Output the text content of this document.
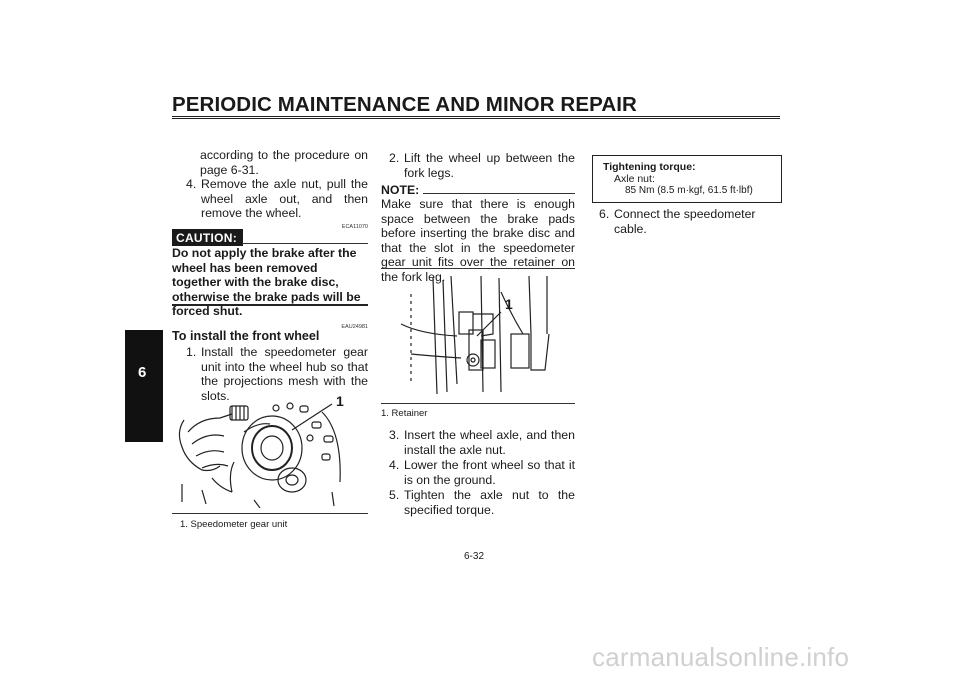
PERIODIC MAINTENANCE AND MINOR REPAIR
6
according to the procedure on page 6-31.
4. Remove the axle nut, pull the wheel axle out, and then remove the wheel.
ECA11070
CAUTION:
Do not apply the brake after the wheel has been removed together with the brake disc, otherwise the brake pads will be forced shut.
EAU24981
To install the front wheel
1. Install the speedometer gear unit into the wheel hub so that the projections mesh with the slots.	1
1. Speedometer gear unit
2. Lift the wheel up between the fork legs.
NOTE:
Make sure that there is enough space between the brake pads before inserting the brake disc and that the slot in the speedometer gear unit fits over the retainer on the fork leg.
1
1. Retainer
3. Insert the wheel axle, and then install the axle nut.
4. Lower the front wheel so that it is on the ground.
5. Tighten the axle nut to the specified torque.
Tightening torque:
Axle nut:
85 Nm (8.5 m·kgf, 61.5 ft·lbf)
6. Connect the speedometer cable.
6-32
carmanualsonline.info
